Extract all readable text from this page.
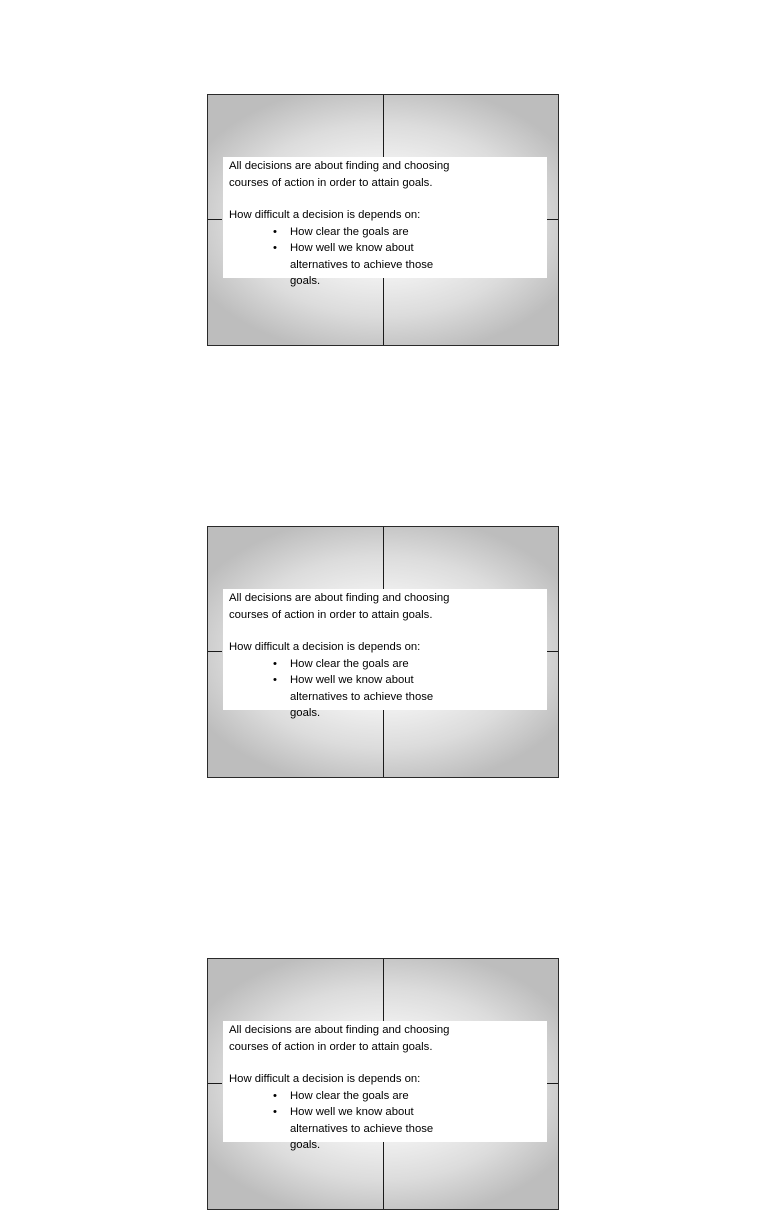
All decisions are about finding and choosing courses of action in order to attain goals.

How difficult a decision is depends on:

• How clear the goals are
• How well we know about alternatives to achieve those goals.

All decisions are about finding and choosing courses of action in order to attain goals.

How difficult a decision is depends on:

• How clear the goals are
• How well we know about alternatives to achieve those goals.

All decisions are about finding and choosing courses of action in order to attain goals.

How difficult a decision is depends on:

• How clear the goals are
• How well we know about alternatives to achieve those goals.
